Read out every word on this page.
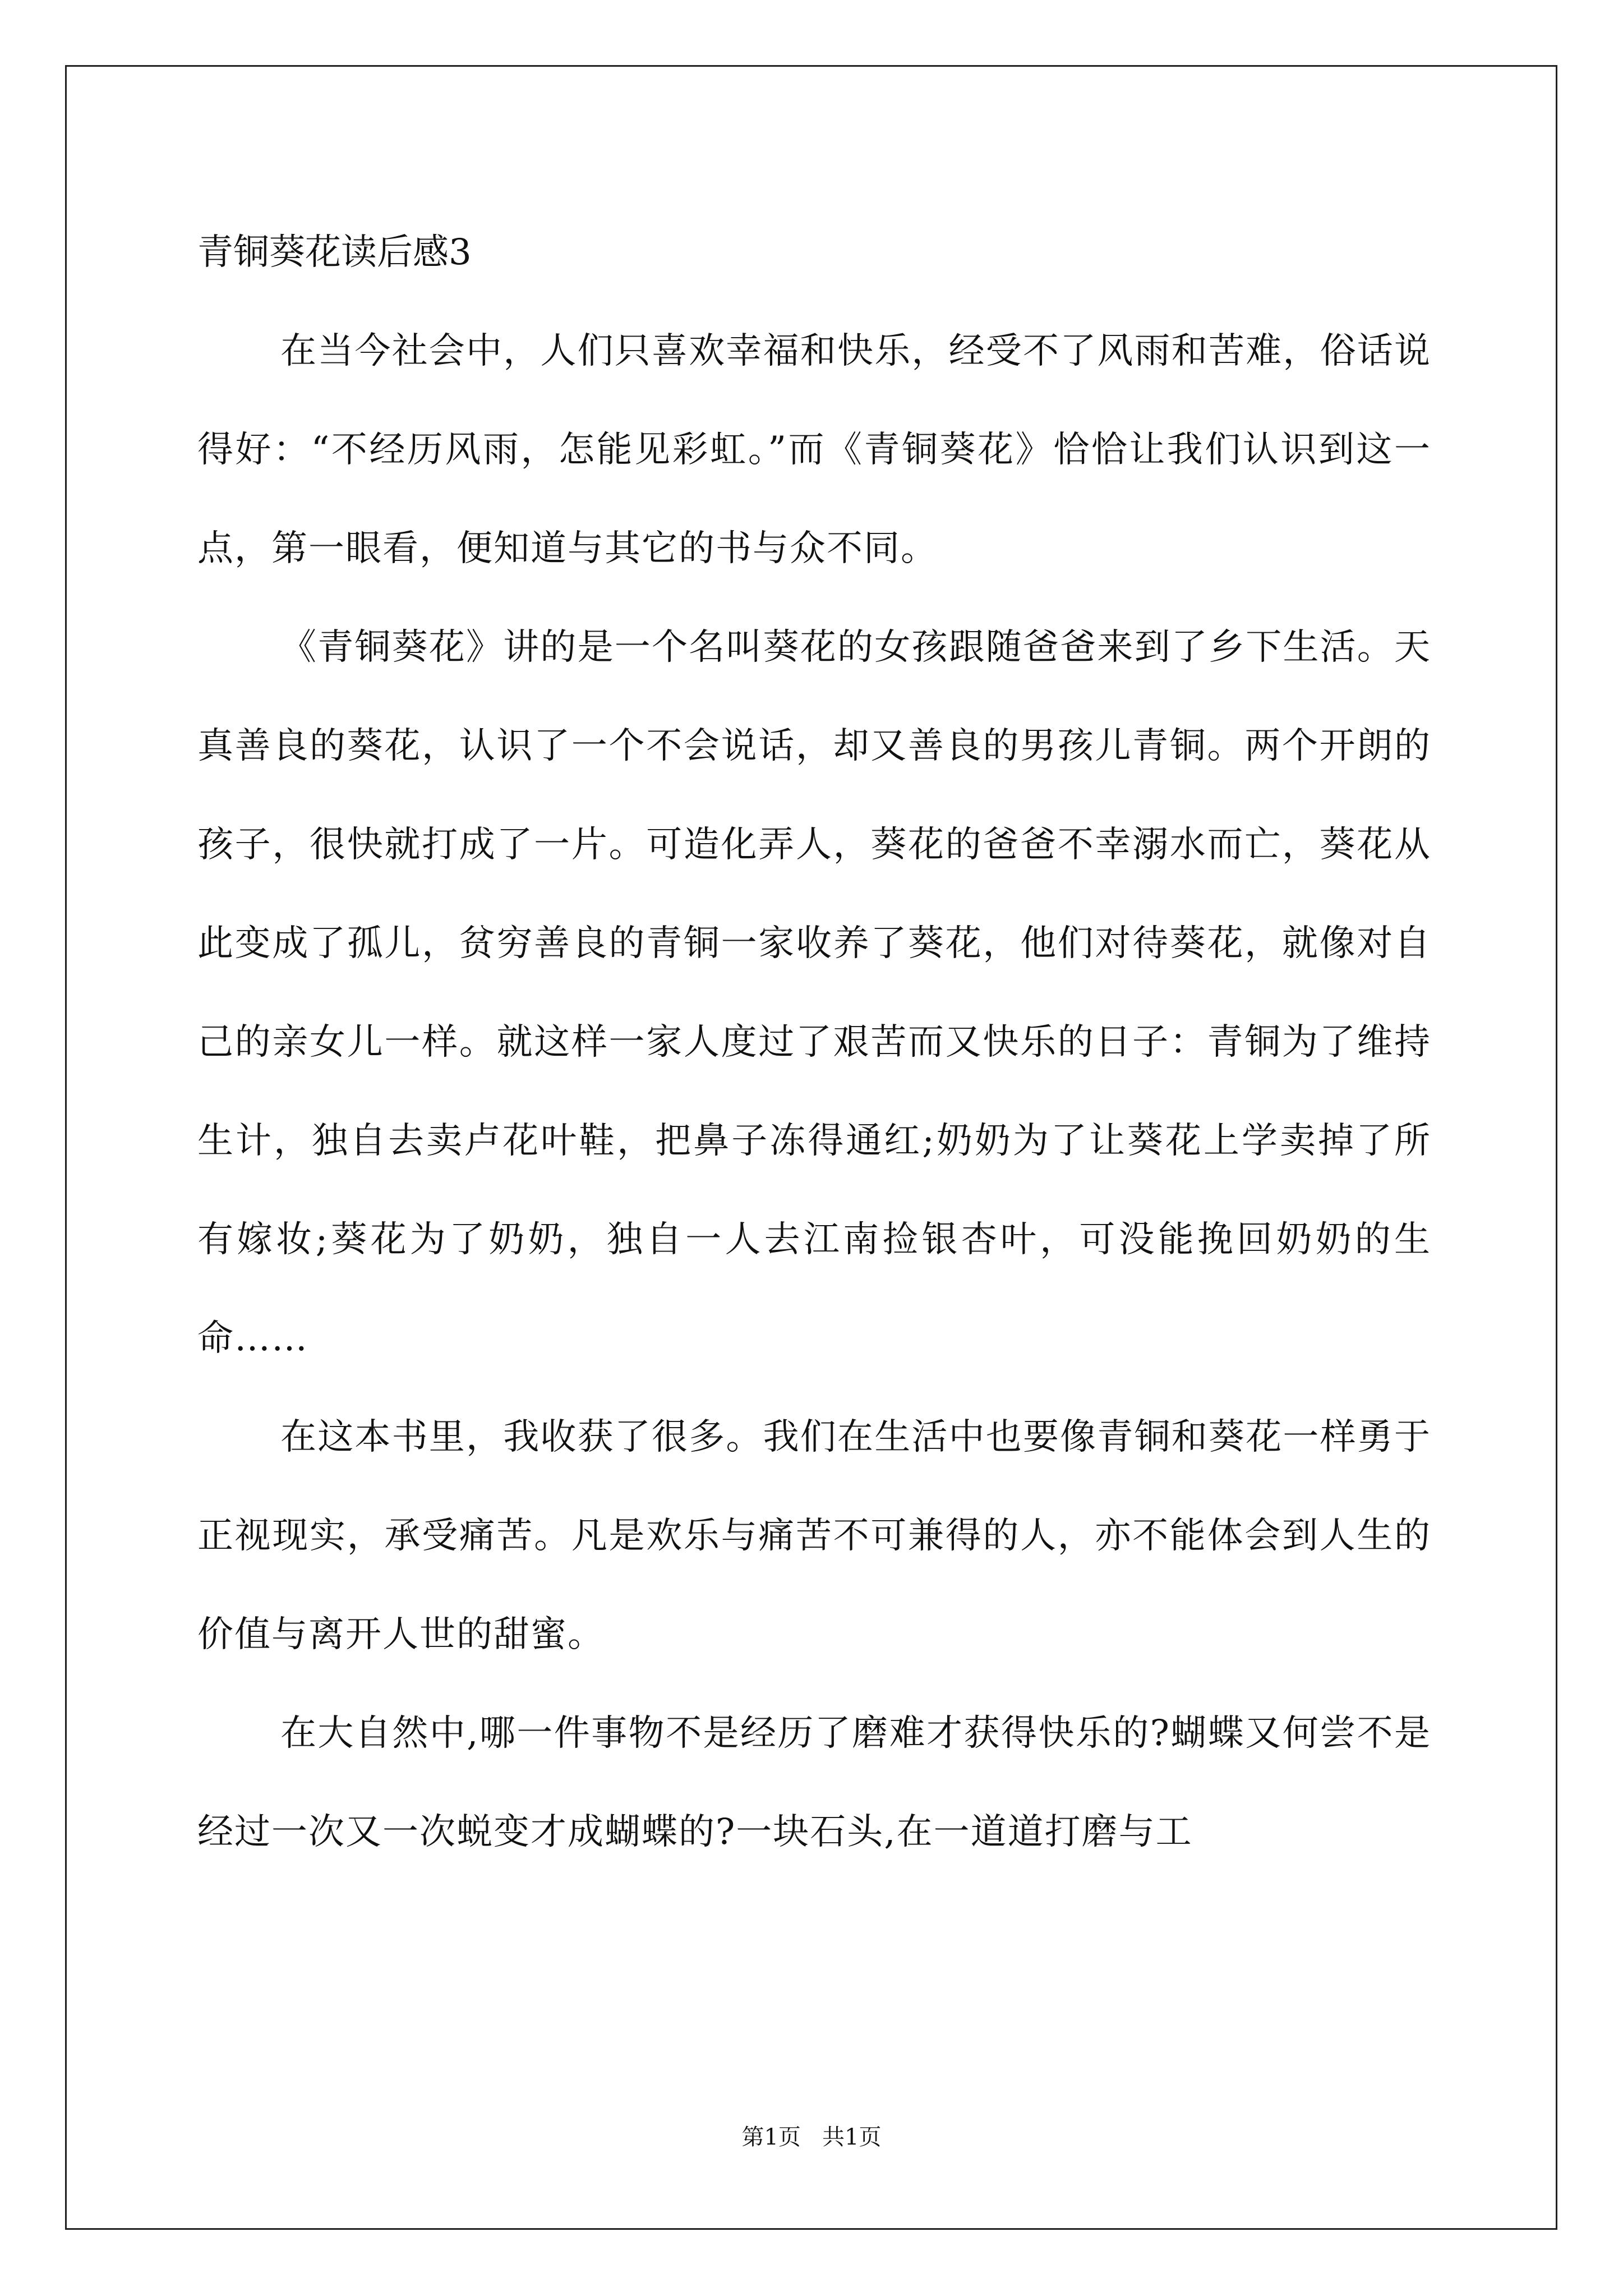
青铜葵花读后感3

在当今社会中，人们只喜欢幸福和快乐，经受不了风雨和苦难，俗话说得好：“不经历风雨，怎能见彩虹。”而《青铜葵花》恰恰让我们认识到这一点，第一眼看，便知道与其它的书与众不同。

《青铜葵花》讲的是一个名叫葵花的女孩跟随爸爸来到了乡下生活。天真善良的葵花，认识了一个不会说话，却又善良的男孩儿青铜。两个开朗的孩子，很快就打成了一片。可造化弄人，葵花的爸爸不幸溺水而亡，葵花从此变成了孤儿，贫穷善良的青铜一家收养了葵花，他们对待葵花，就像对自己的亲女儿一样。就这样一家人度过了艰苦而又快乐的日子：青铜为了维持生计，独自去卖卢花叶鞋，把鼻子冻得通红;奶奶为了让葵花上学卖掉了所有嫁妆;葵花为了奶奶，独自一人去江南捡银杏叶，可没能挽回奶奶的生命……

在这本书里，我收获了很多。我们在生活中也要像青铜和葵花一样勇于正视现实，承受痛苦。凡是欢乐与痛苦不可兼得的人，亦不能体会到人生的价值与离开人世的甜蜜。

在大自然中,哪一件事物不是经历了磨难才获得快乐的?蝴蝶又何尝不是经过一次又一次蜕变才成蝴蝶的?一块石头,在一道道打磨与工

第1页   共1页
